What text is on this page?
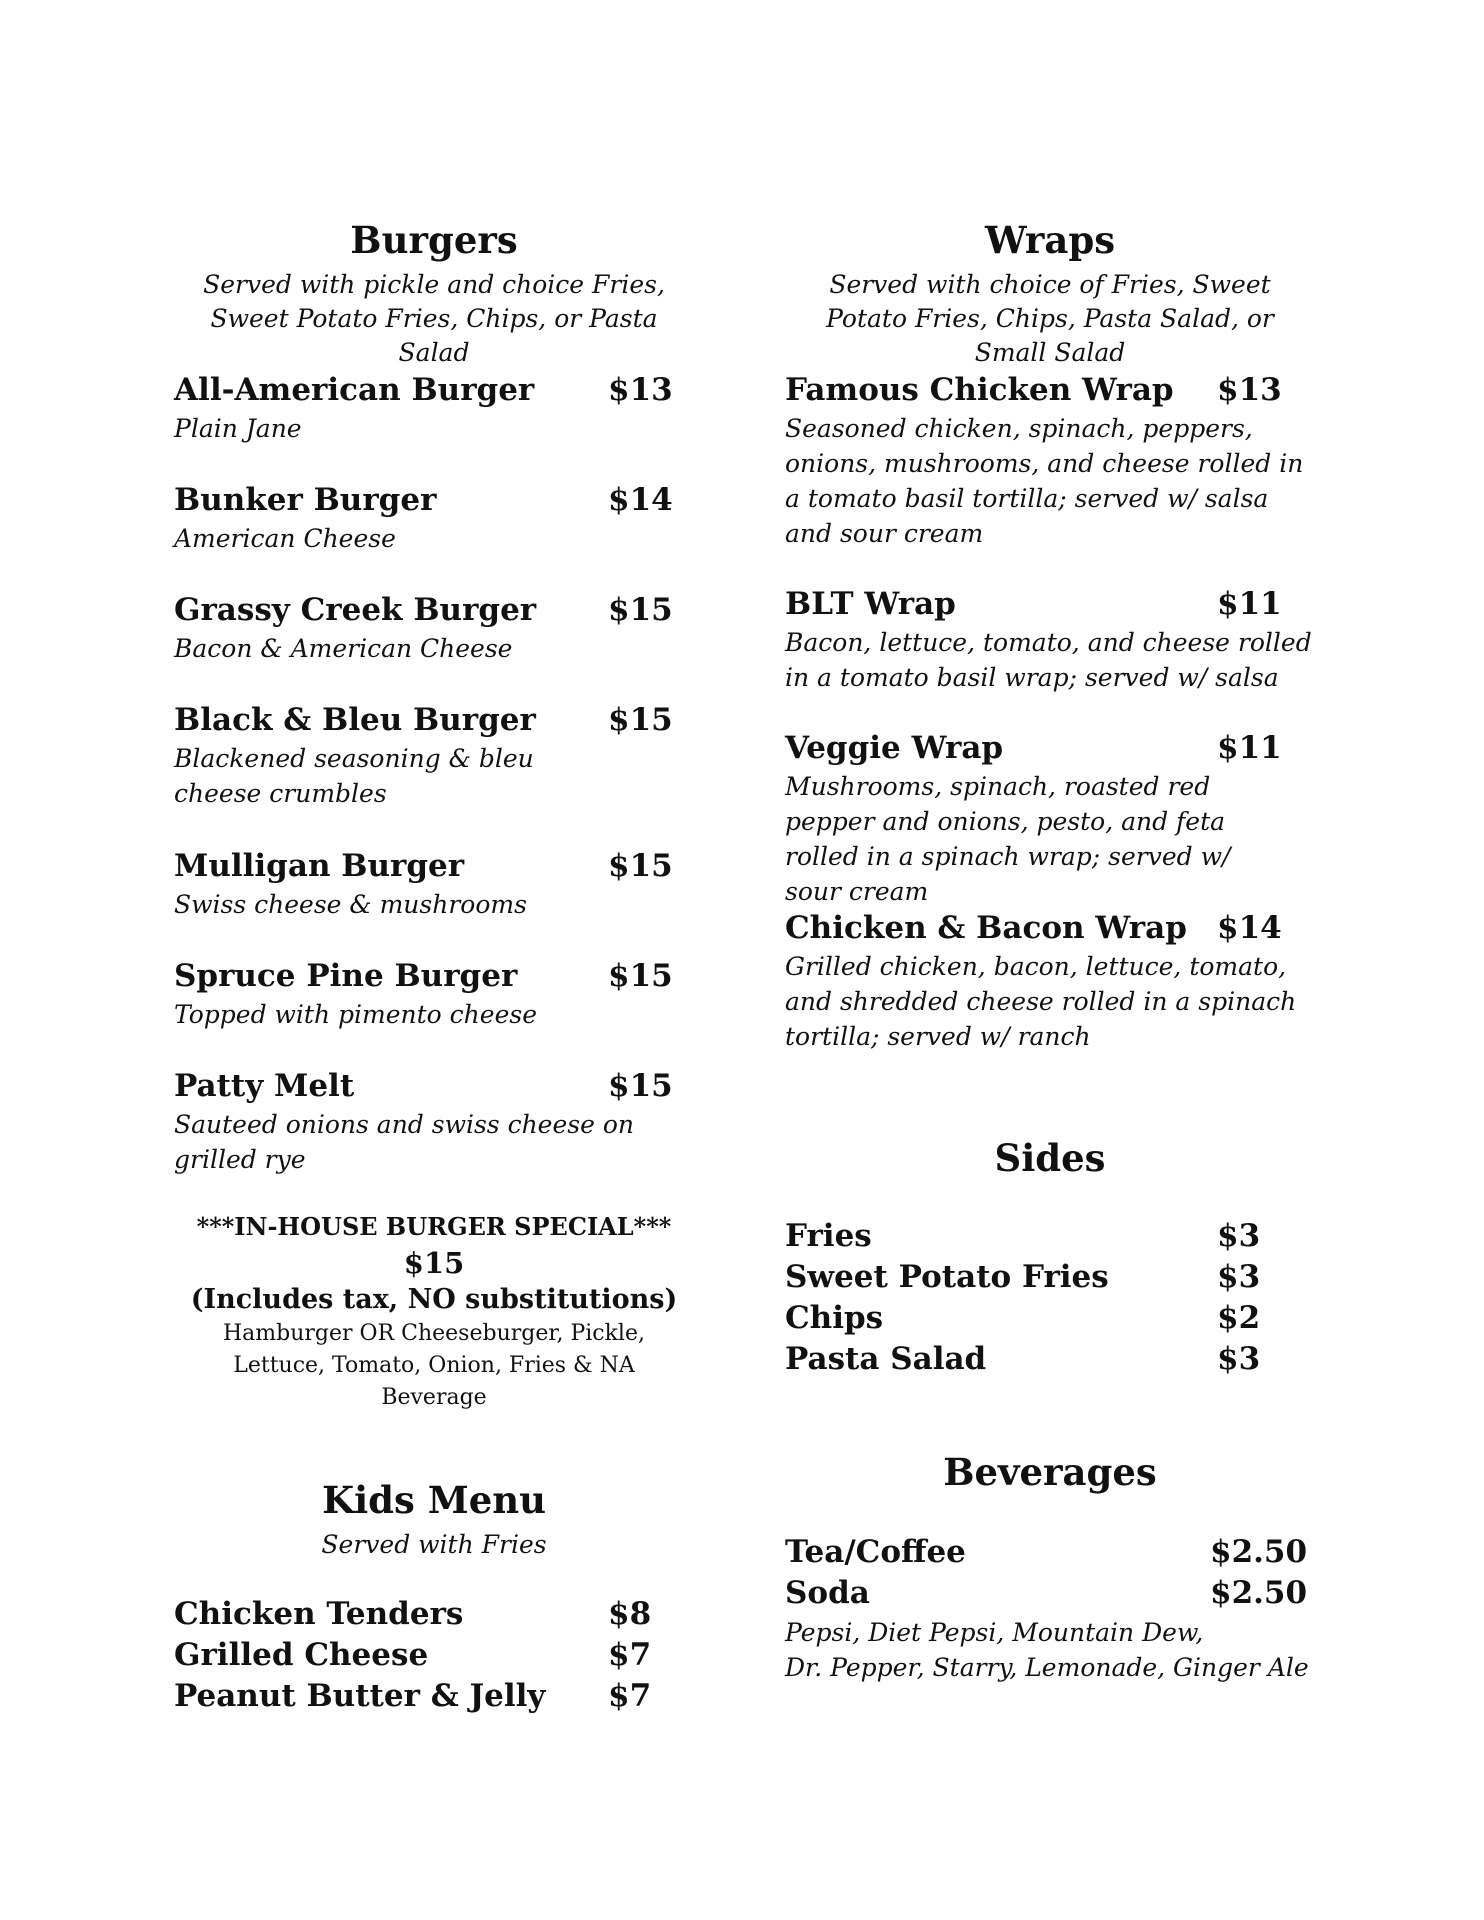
Burgers
Served with pickle and choice Fries, Sweet Potato Fries, Chips, or Pasta Salad
All-American Burger $13
Plain Jane
Bunker Burger	$14
American Cheese
Grassy Creek Burger $15
Bacon & American Cheese
Black & Bleu Burger $15
Blackened seasoning & bleu cheese crumbles
Mulligan Burger	$15
Swiss cheese & mushrooms
Spruce Pine Burger	$15
Topped with pimento cheese
Patty Melt	$15
Sauteed onions and swiss cheese on grilled rye
***IN-HOUSE BURGER SPECIAL***
$15
(Includes tax, NO substitutions)
Hamburger OR Cheeseburger, Pickle, Lettuce, Tomato, Onion, Fries & NA Beverage
Kids Menu
Served with Fries
Chicken Tenders	$8
Grilled Cheese	$7
Peanut Butter & Jelly $7
Wraps
Served with choice of Fries, Sweet Potato Fries, Chips, Pasta Salad, or Small Salad
Famous Chicken Wrap $13
Seasoned chicken, spinach, peppers, onions, mushrooms, and cheese rolled in a tomato basil tortilla; served w/ salsa and sour cream
BLT Wrap	$11
Bacon, lettuce, tomato, and cheese rolled in a tomato basil wrap; served w/ salsa
Veggie Wrap	$11
Mushrooms, spinach, roasted red pepper and onions, pesto, and feta rolled in a spinach wrap; served w/ sour cream
Chicken & Bacon Wrap $14
Grilled chicken, bacon, lettuce, tomato, and shredded cheese rolled in a spinach tortilla; served w/ ranch
Sides
Fries	$3
Sweet Potato Fries	$3
Chips	$2
Pasta Salad	$3
Beverages
Tea/Coffee	$2.50
Soda	$2.50
Pepsi, Diet Pepsi, Mountain Dew,
Dr. Pepper, Starry, Lemonade, Ginger Ale
